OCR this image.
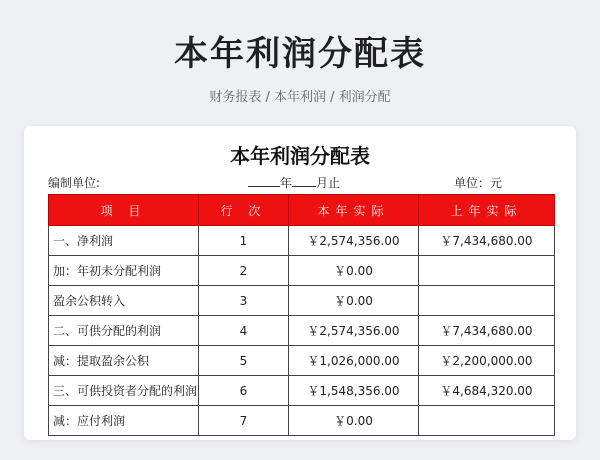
本年利润分配表
财务报表 / 本年利润 / 利润分配
本年利润分配表
编制单位:	年 月止	单位：元
项 目	行 次	本年实际	上年实际
一、净利润	1	￥2,574,356.00	￥7,434,680.00
加：年初未分配利润	2	￥0.00	
盈余公积转入	3	￥0.00	
二、可供分配的利润	4	￥2,574,356.00	￥7,434,680.00
减：提取盈余公积	5	￥1,026,000.00	￥2,200,000.00
三、可供投资者分配的利润	6	￥1,548,356.00	￥4,684,320.00
减：应付利润	7	￥0.00	
